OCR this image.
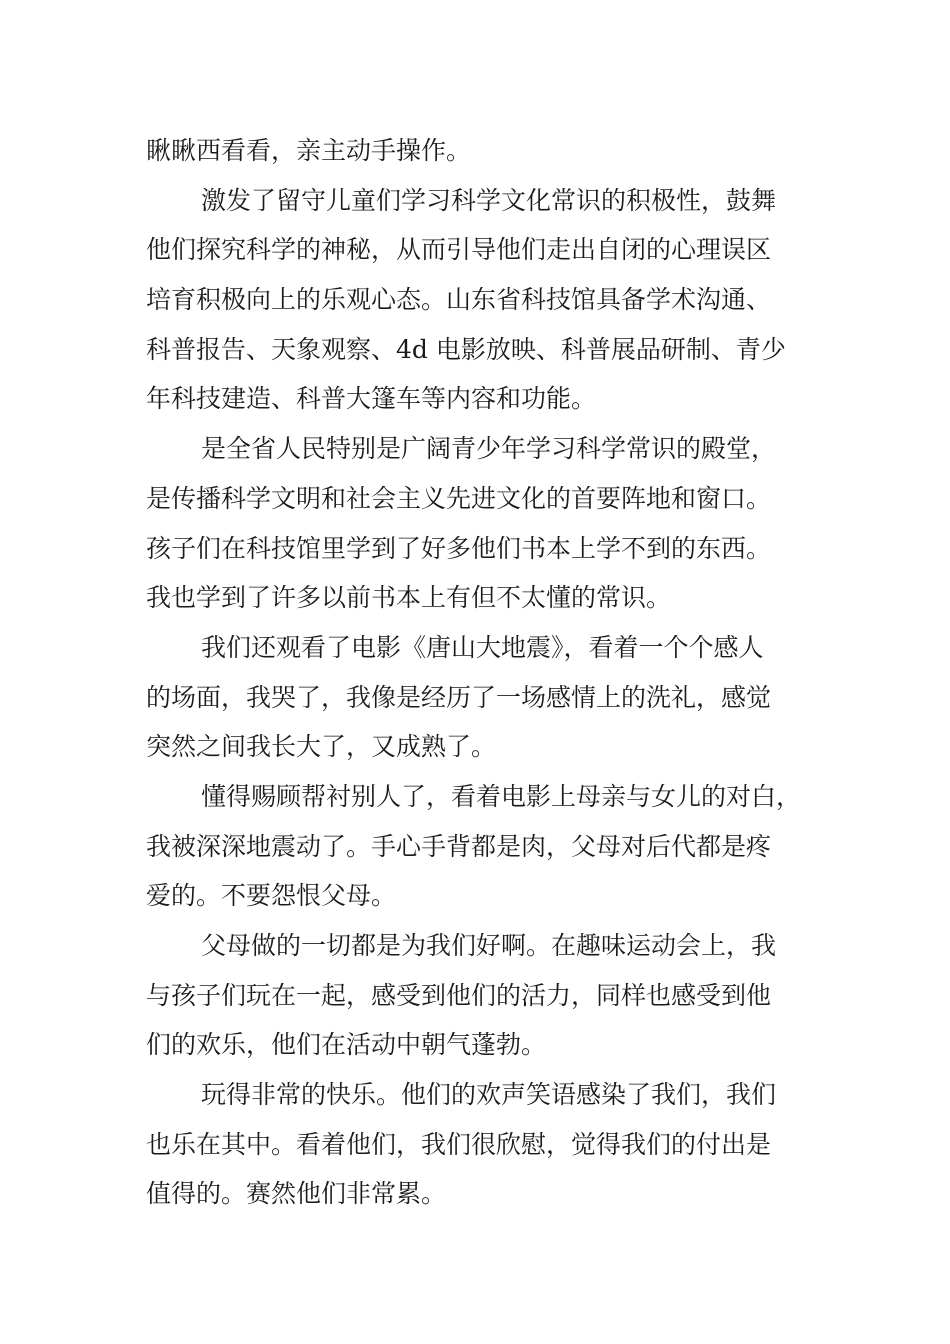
瞅瞅西看看，亲主动手操作。
激发了留守儿童们学习科学文化常识的积极性，鼓舞
他们探究科学的神秘，从而引导他们走出自闭的心理误区
培育积极向上的乐观心态。山东省科技馆具备学术沟通、
科普报告、天象观察、4d 电影放映、科普展品研制、青少
年科技建造、科普大篷车等内容和功能。
是全省人民特别是广阔青少年学习科学常识的殿堂，
是传播科学文明和社会主义先进文化的首要阵地和窗口。
孩子们在科技馆里学到了好多他们书本上学不到的东西。
我也学到了许多以前书本上有但不太懂的常识。
我们还观看了电影《唐山大地震》，看着一个个感人
的场面，我哭了，我像是经历了一场感情上的洗礼，感觉
突然之间我长大了，又成熟了。
懂得赐顾帮衬别人了，看着电影上母亲与女儿的对白，
我被深深地震动了。手心手背都是肉，父母对后代都是疼
爱的。不要怨恨父母。
父母做的一切都是为我们好啊。在趣味运动会上，我
与孩子们玩在一起，感受到他们的活力，同样也感受到他
们的欢乐，他们在活动中朝气蓬勃。
玩得非常的快乐。他们的欢声笑语感染了我们，我们
也乐在其中。看着他们，我们很欣慰，觉得我们的付出是
值得的。赛然他们非常累。
